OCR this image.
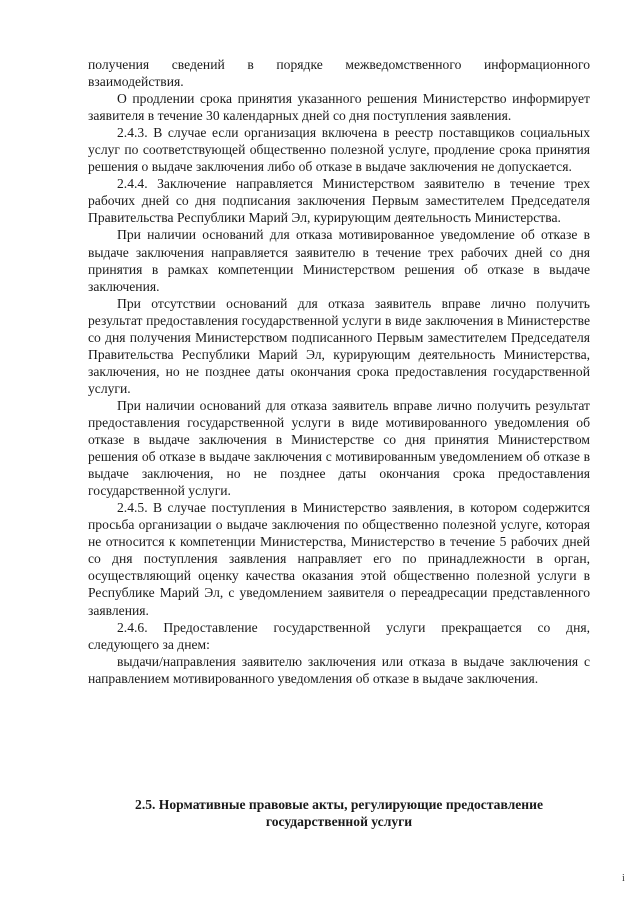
получения сведений в порядке межведомственного информационного взаимодействия.

О продлении срока принятия указанного решения Министерство информирует заявителя в течение 30 календарных дней со дня поступления заявления.

2.4.3. В случае если организация включена в реестр поставщиков социальных услуг по соответствующей общественно полезной услуге, продление срока принятия решения о выдаче заключения либо об отказе в выдаче заключения не допускается.

2.4.4. Заключение направляется Министерством заявителю в течение трех рабочих дней со дня подписания заключения Первым заместителем Председателя Правительства Республики Марий Эл, курирующим деятельность Министерства.

При наличии оснований для отказа мотивированное уведомление об отказе в выдаче заключения направляется заявителю в течение трех рабочих дней со дня принятия в рамках компетенции Министерством решения об отказе в выдаче заключения.

При отсутствии оснований для отказа заявитель вправе лично получить результат предоставления государственной услуги в виде заключения в Министерстве со дня получения Министерством подписанного Первым заместителем Председателя Правительства Республики Марий Эл, курирующим деятельность Министерства, заключения, но не позднее даты окончания срока предоставления государственной услуги.

При наличии оснований для отказа заявитель вправе лично получить результат предоставления государственной услуги в виде мотивированного уведомления об отказе в выдаче заключения в Министерстве со дня принятия Министерством решения об отказе в выдаче заключения с мотивированным уведомлением об отказе в выдаче заключения, но не позднее даты окончания срока предоставления государственной услуги.

2.4.5. В случае поступления в Министерство заявления, в котором содержится просьба организации о выдаче заключения по общественно полезной услуге, которая не относится к компетенции Министерства, Министерство в течение 5 рабочих дней со дня поступления заявления направляет его по принадлежности в орган, осуществляющий оценку качества оказания этой общественно полезной услуги в Республике Марий Эл, с уведомлением заявителя о переадресации представленного заявления.

2.4.6. Предоставление государственной услуги прекращается со дня, следующего за днем:

выдачи/направления заявителю заключения или отказа в выдаче заключения с направлением мотивированного уведомления об отказе в выдаче заключения.

2.5. Нормативные правовые акты, регулирующие предоставление государственной услуги
i
